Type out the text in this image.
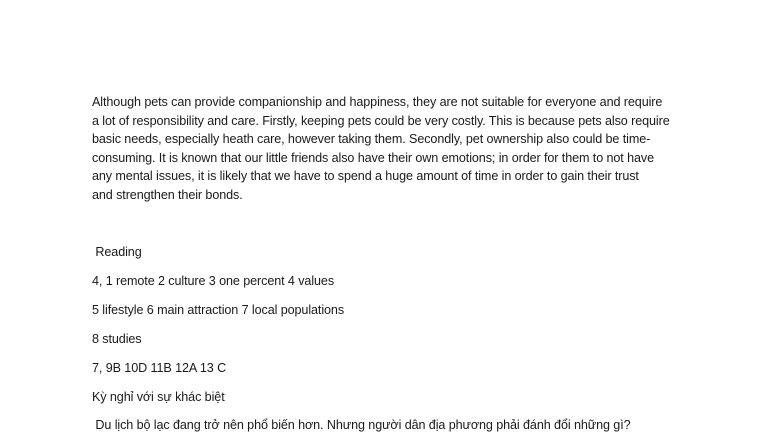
Although pets can provide companionship and happiness, they are not suitable for everyone and require
a lot of responsibility and care. Firstly, keeping pets could be very costly. This is because pets also require
basic needs, especially heath care, however taking them. Secondly, pet ownership also could be time-
consuming. It is known that our little friends also have their own emotions; in order for them to not have
any mental issues, it is likely that we have to spend a huge amount of time in order to gain their trust
and strengthen their bonds.
Reading
4, 1 remote 2 culture 3 one percent 4 values
5 lifestyle 6 main attraction 7 local populations
8 studies
7, 9B 10D 11B 12A 13 C
Kỳ nghỉ với sự khác biệt
Du lịch bộ lạc đang trở nên phổ biến hơn. Nhưng người dân địa phương phải đánh đổi những gì?
